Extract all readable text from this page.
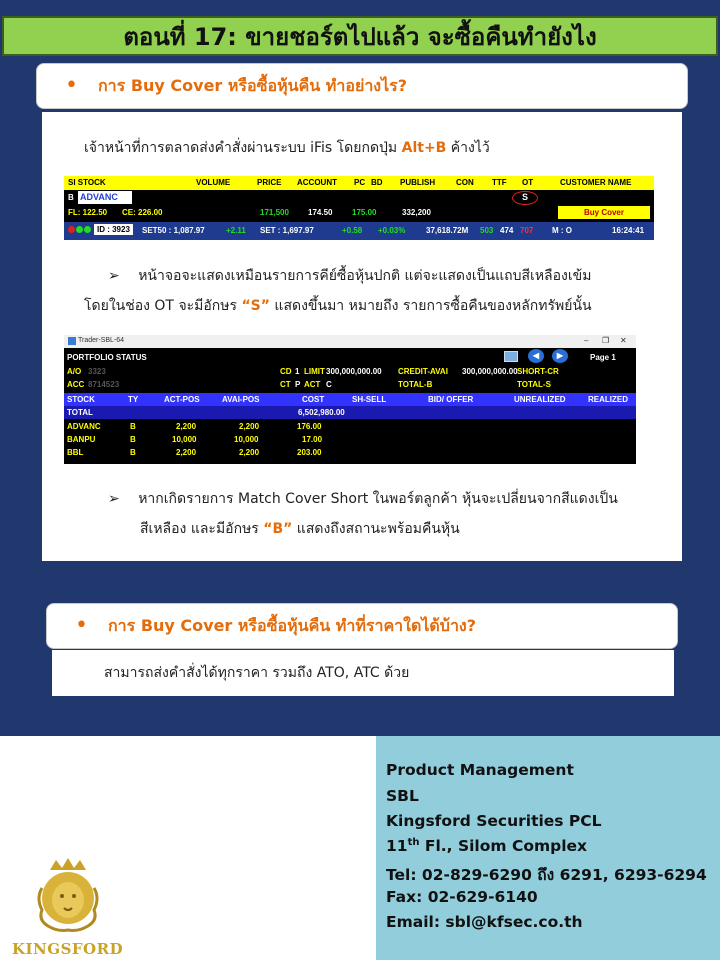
ตอนที่ 17: ขายชอร์ตไปแล้ว จะซื้อคืนทำยังไง
• การ Buy Cover หรือซื้อหุ้นคืน ทำอย่างไร?
เจ้าหน้าที่การตลาดส่งคำสั่งผ่านระบบ iFis โดยกดปุ่ม Alt+B ค้างไว้
SI STOCK	VOLUME	PRICE ACCOUNT PC BD PUBLISH	CON TTF OT	CUSTOMER NAME
B ADVANC	S
FL: 122.50 CE: 226.00	171,500 174.50 175.00	332,200	Buy Cover
ID : 3923	SET50 : 1,087.97	+2.11 SET : 1,697.97	+0.58 +0.03%	37,618.72M 503 474 707 M : O	16:24:41
➢ หน้าจอจะแสดงเหมือนรายการคีย์ซื้อหุ้นปกติ แต่จะแสดงเป็นแถบสีเหลืองเข้ม
โดยในช่อง OT จะมีอักษร “S” แสดงขึ้นมา หมายถึง รายการซื้อคืนของหลักทรัพย์นั้น
Trader-SBL-64	– ❐ ✕
PORTFOLIO STATUS	◀	▶	Page 1
A/O 3323	CD 1 LIMIT 300,000,000.00 CREDIT-AVAI 300,000,000.00 SHORT-CR
ACC 8714523	CT P ACT C	TOTAL-B	TOTAL-S
STOCK	TY	ACT-POS	AVAI-POS	COST	SH-SELL	BID/ OFFER	UNREALIZED	REALIZED
TOTAL	6,502,980.00
ADVANC	B	2,200	2,200	176.00
BANPU	B	10,000	10,000	17.00
BBL	B	2,200	2,200	203.00
➢ หากเกิดรายการ Match Cover Short ในพอร์ตลูกค้า หุ้นจะเปลี่ยนจากสีแดงเป็น
สีเหลือง และมีอักษร “B” แสดงถึงสถานะพร้อมคืนหุ้น
• การ Buy Cover หรือซื้อหุ้นคืน ทำที่ราคาใดได้บ้าง?
สามารถส่งคำสั่งได้ทุกราคา รวมถึง ATO, ATC ด้วย
KINGSFORD
Product Management
SBL
Kingsford Securities PCL
11th Fl., Silom Complex
Tel: 02-829-6290 ถึง 6291, 6293-6294
Fax: 02-629-6140
Email: sbl@kfsec.co.th
